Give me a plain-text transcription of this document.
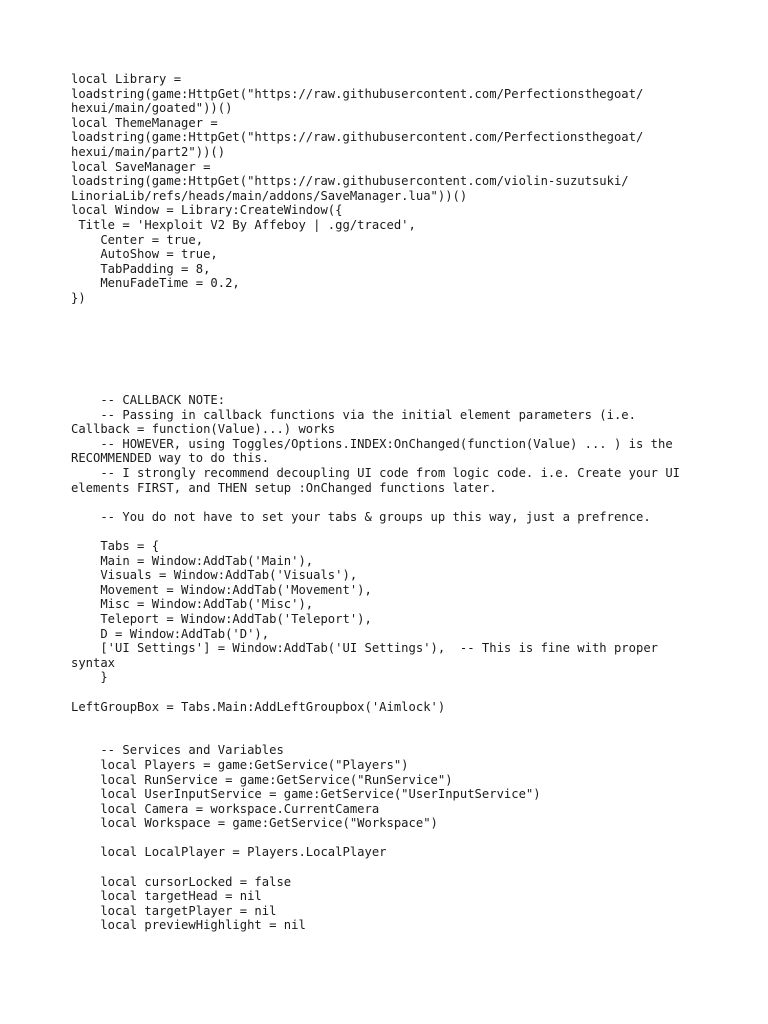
local Library =
loadstring(game:HttpGet("https://raw.githubusercontent.com/Perfectionsthegoat/
hexui/main/goated"))()
local ThemeManager =
loadstring(game:HttpGet("https://raw.githubusercontent.com/Perfectionsthegoat/
hexui/main/part2"))()
local SaveManager =
loadstring(game:HttpGet("https://raw.githubusercontent.com/violin-suzutsuki/
LinoriaLib/refs/heads/main/addons/SaveManager.lua"))()
local Window = Library:CreateWindow({
Title = 'Hexploit V2 By Affeboy | .gg/traced',
Center = true,
AutoShow = true,
TabPadding = 8,
MenuFadeTime = 0.2,
})
-- CALLBACK NOTE:
-- Passing in callback functions via the initial element parameters (i.e.
Callback = function(Value)...) works
-- HOWEVER, using Toggles/Options.INDEX:OnChanged(function(Value) ... ) is the
RECOMMENDED way to do this.
-- I strongly recommend decoupling UI code from logic code. i.e. Create your UI
elements FIRST, and THEN setup :OnChanged functions later.
-- You do not have to set your tabs & groups up this way, just a prefrence.
Tabs = {
Main = Window:AddTab('Main'),
Visuals = Window:AddTab('Visuals'),
Movement = Window:AddTab('Movement'),
Misc = Window:AddTab('Misc'),
Teleport = Window:AddTab('Teleport'),
D = Window:AddTab('D'),
['UI Settings'] = Window:AddTab('UI Settings'),  -- This is fine with proper
syntax
}
LeftGroupBox = Tabs.Main:AddLeftGroupbox('Aimlock')
-- Services and Variables
local Players = game:GetService("Players")
local RunService = game:GetService("RunService")
local UserInputService = game:GetService("UserInputService")
local Camera = workspace.CurrentCamera
local Workspace = game:GetService("Workspace")
local LocalPlayer = Players.LocalPlayer
local cursorLocked = false
local targetHead = nil
local targetPlayer = nil
local previewHighlight = nil
